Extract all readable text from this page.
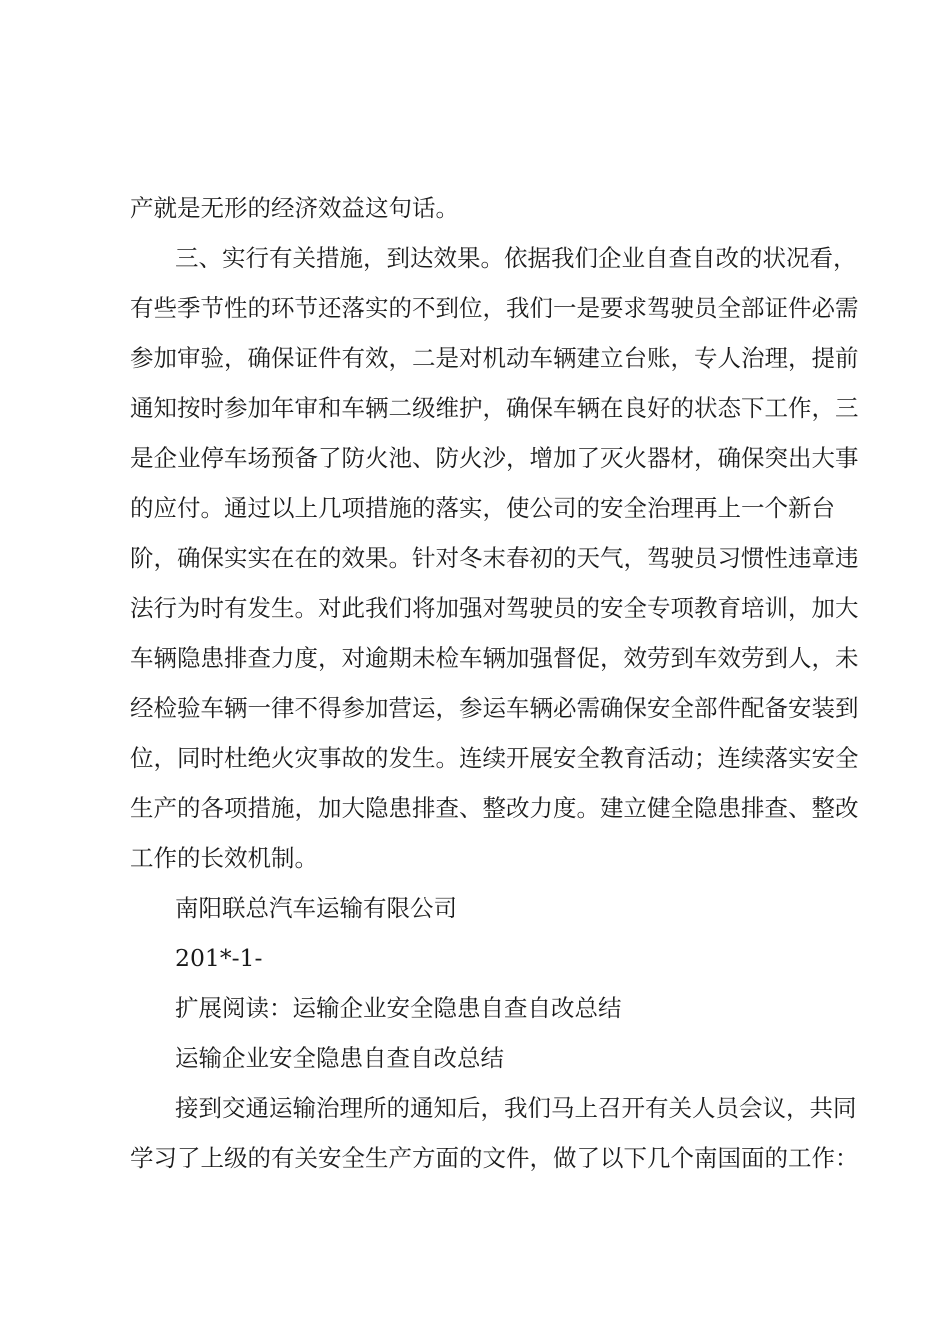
产就是无形的经济效益这句话。
三、实行有关措施，到达效果。依据我们企业自查自改的状况看，
有些季节性的环节还落实的不到位，我们一是要求驾驶员全部证件必需
参加审验，确保证件有效，二是对机动车辆建立台账，专人治理，提前
通知按时参加年审和车辆二级维护，确保车辆在良好的状态下工作，三
是企业停车场预备了防火池、防火沙，增加了灭火器材，确保突出大事
的应付。通过以上几项措施的落实，使公司的安全治理再上一个新台
阶，确保实实在在的效果。针对冬末春初的天气，驾驶员习惯性违章违
法行为时有发生。对此我们将加强对驾驶员的安全专项教育培训，加大
车辆隐患排查力度，对逾期未检车辆加强督促，效劳到车效劳到人，未
经检验车辆一律不得参加营运，参运车辆必需确保安全部件配备安装到
位，同时杜绝火灾事故的发生。连续开展安全教育活动；连续落实安全
生产的各项措施，加大隐患排查、整改力度。建立健全隐患排查、整改
工作的长效机制。
南阳联总汽车运输有限公司
201*-1-
扩展阅读：运输企业安全隐患自查自改总结
运输企业安全隐患自查自改总结
接到交通运输治理所的通知后，我们马上召开有关人员会议，共同
学习了上级的有关安全生产方面的文件，做了以下几个南国面的工作：
